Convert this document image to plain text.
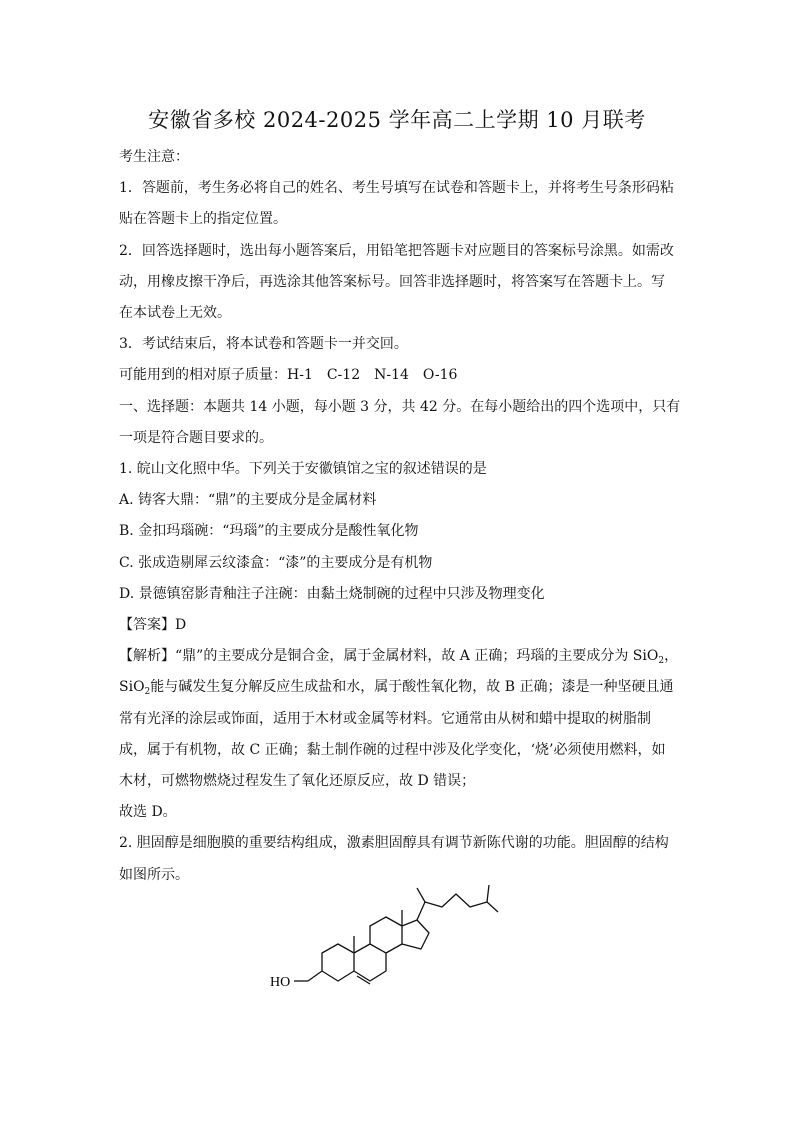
安徽省多校 2024-2025 学年高二上学期 10 月联考
考生注意：
1．答题前，考生务必将自己的姓名、考生号填写在试卷和答题卡上，并将考生号条形码粘
贴在答题卡上的指定位置。
2．回答选择题时，选出每小题答案后，用铅笔把答题卡对应题目的答案标号涂黑。如需改
动，用橡皮擦干净后，再选涂其他答案标号。回答非选择题时，将答案写在答题卡上。写
在本试卷上无效。
3．考试结束后，将本试卷和答题卡一并交回。
可能用到的相对原子质量：H-1　C-12　N-14　O-16
一、选择题：本题共 14 小题，每小题 3 分，共 42 分。在每小题给出的四个选项中，只有
一项是符合题目要求的。
1. 皖山文化照中华。下列关于安徽镇馆之宝的叙述错误的是
A. 铸客大鼎：“鼎”的主要成分是金属材料
B. 金扣玛瑙碗：“玛瑙”的主要成分是酸性氧化物
C. 张成造剔犀云纹漆盒：“漆”的主要成分是有机物
D. 景德镇窑影青釉注子注碗：由黏土烧制碗的过程中只涉及物理变化
【答案】D
【解析】“鼎”的主要成分是铜合金，属于金属材料，故 A 正确；玛瑙的主要成分为 SiO$_2$，
SiO$_2$能与碱发生复分解反应生成盐和水，属于酸性氧化物，故 B 正确；漆是一种坚硬且通
常有光泽的涂层或饰面，适用于木材或金属等材料。它通常由从树和蜡中提取的树脂制
成，属于有机物，故 C 正确；黏土制作碗的过程中涉及化学变化，‘烧’必须使用燃料，如
木材，可燃物燃烧过程发生了氧化还原反应，故 D 错误；
故选 D。
2. 胆固醇是细胞膜的重要结构组成，激素胆固醇具有调节新陈代谢的功能。胆固醇的结构
如图所示。
HO
